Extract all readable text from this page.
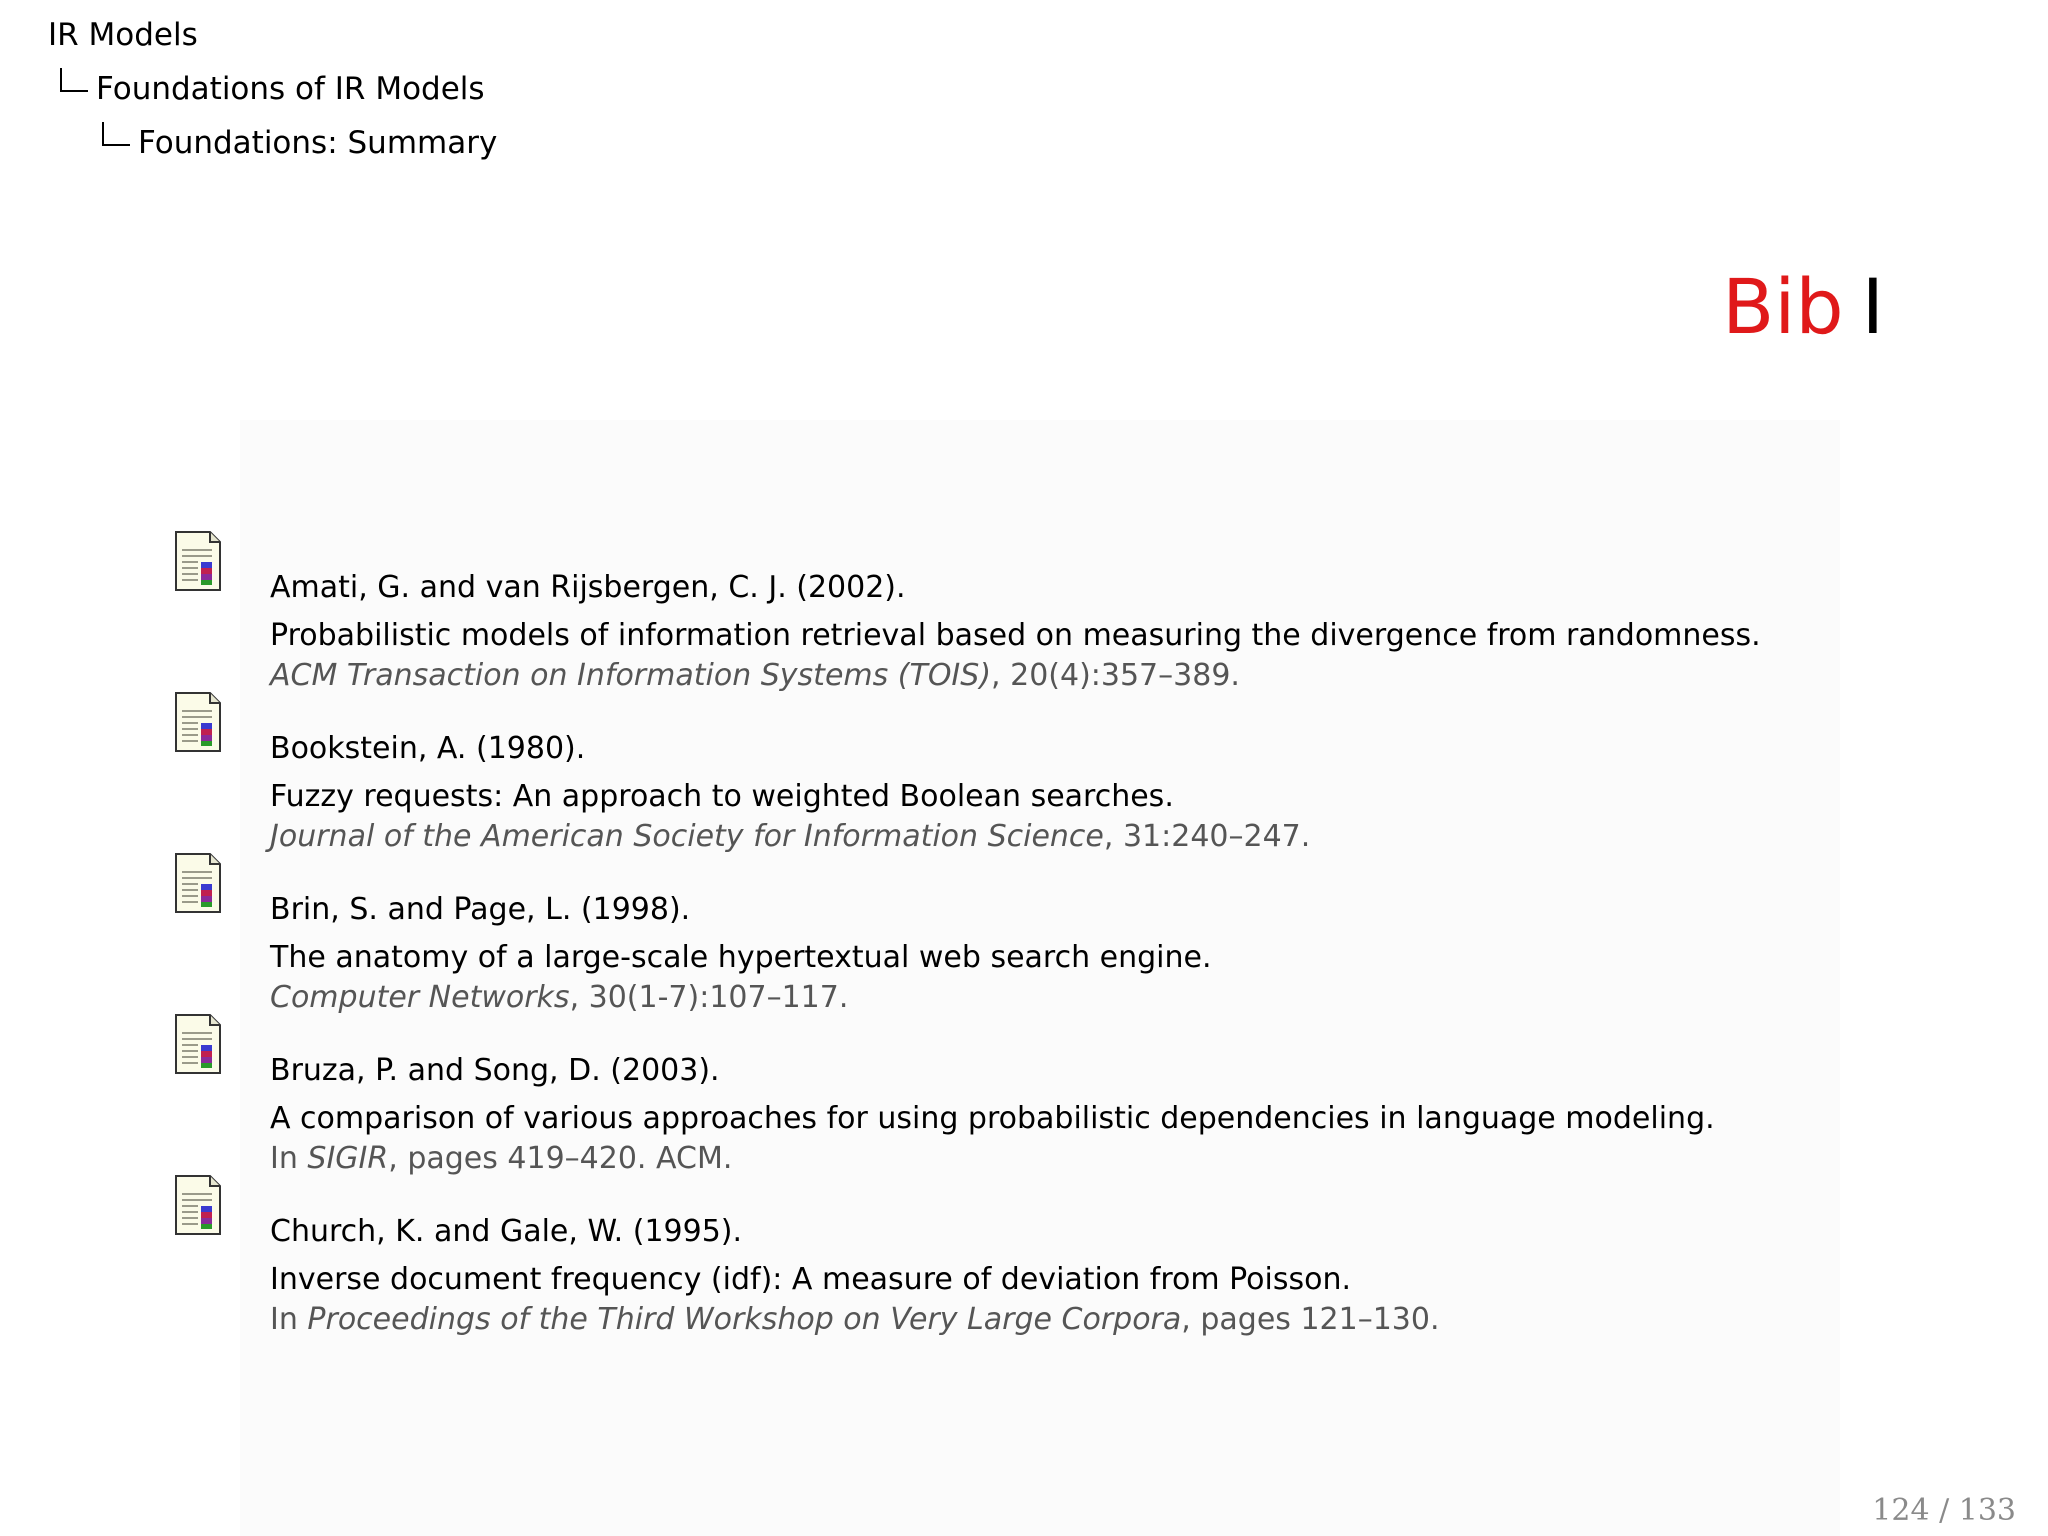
IR Models
Foundations of IR Models
Foundations: Summary
Bib I
Amati, G. and van Rijsbergen, C. J. (2002).
Probabilistic models of information retrieval based on measuring the divergence from randomness.
ACM Transaction on Information Systems (TOIS), 20(4):357–389.
Bookstein, A. (1980).
Fuzzy requests: An approach to weighted Boolean searches.
Journal of the American Society for Information Science, 31:240–247.
Brin, S. and Page, L. (1998).
The anatomy of a large-scale hypertextual web search engine.
Computer Networks, 30(1-7):107–117.
Bruza, P. and Song, D. (2003).
A comparison of various approaches for using probabilistic dependencies in language modeling.
In SIGIR, pages 419–420. ACM.
Church, K. and Gale, W. (1995).
Inverse document frequency (idf): A measure of deviation from Poisson.
In Proceedings of the Third Workshop on Very Large Corpora, pages 121–130.
124 / 133
